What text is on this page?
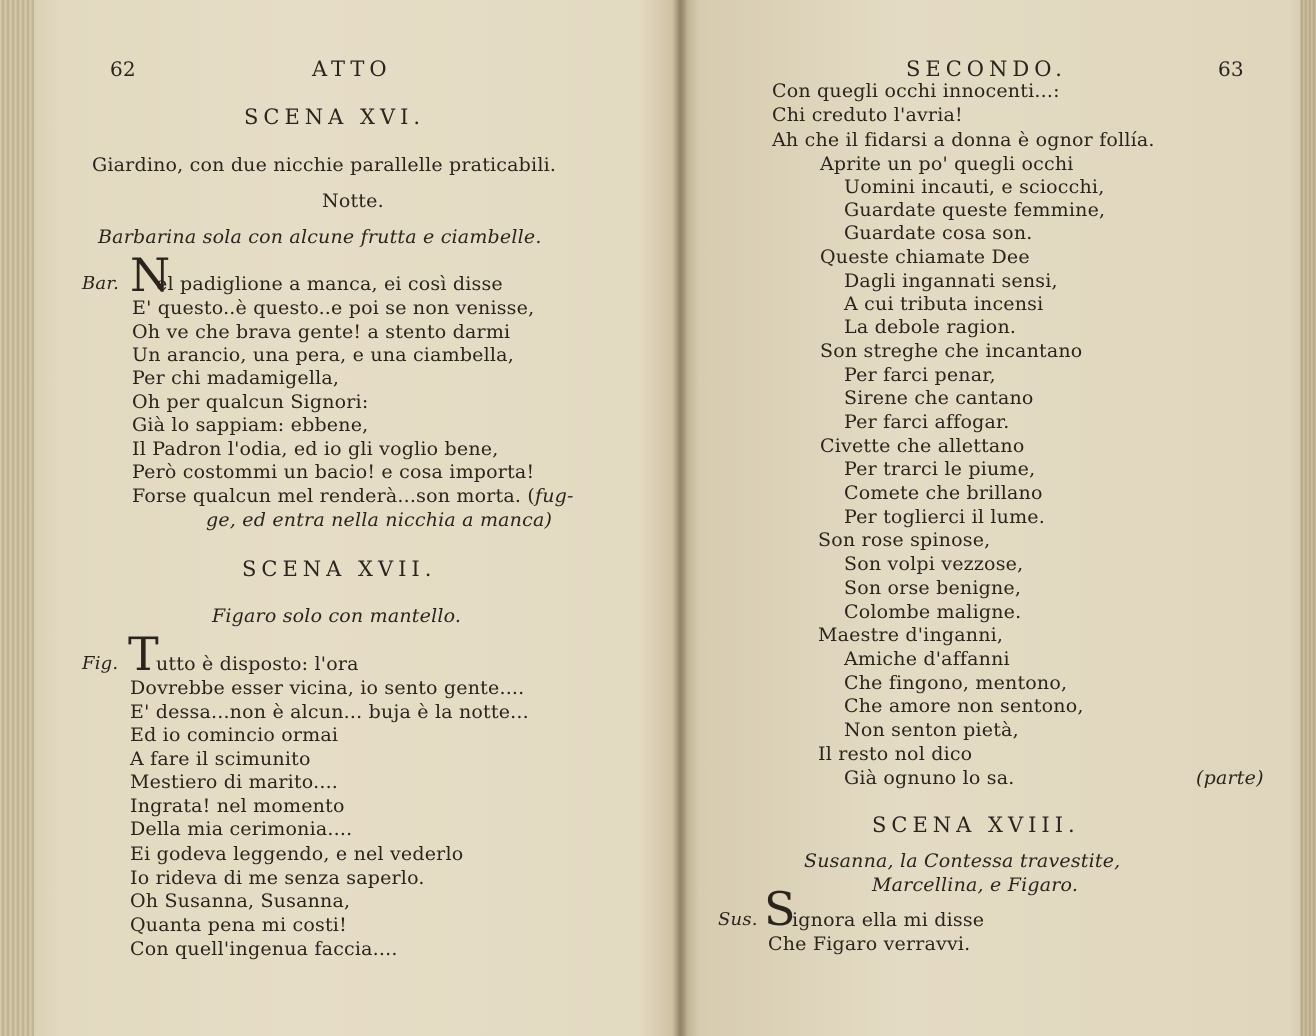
62	ATTO
SCENA XVI.
Giardino, con due nicchie parallelle praticabili.
Notte.
Barbarina sola con alcune frutta e ciambelle.
Bar. N
el padiglione a manca, ei così disse
E' questo..è questo..e poi se non venisse,
Oh ve che brava gente! a stento darmi
Un arancio, una pera, e una ciambella,
Per chi madamigella,
Oh per qualcun Signori:
Già lo sappiam: ebbene,
Il Padron l'odia, ed io gli voglio bene,
Però costommi un bacio! e cosa importa!
Forse qualcun mel renderà...son morta. (fug-
ge, ed entra nella nicchia a manca)
SCENA XVII.
Figaro solo con mantello.
Fig. T
utto è disposto: l'ora
Dovrebbe esser vicina, io sento gente....
E' dessa...non è alcun... buja è la notte...
Ed io comincio ormai
A fare il scimunito
Mestiero di marito....
Ingrata! nel momento
Della mia cerimonia....
Ei godeva leggendo, e nel vederlo
Io rideva di me senza saperlo.
Oh Susanna, Susanna,
Quanta pena mi costi!
Con quell'ingenua faccia....
SECONDO.	63
Con quegli occhi innocenti...:
Chi creduto l'avria!
Ah che il fidarsi a donna è ognor follía.
Aprite un po' quegli occhi
Uomini incauti, e sciocchi,
Guardate queste femmine,
Guardate cosa son.
Queste chiamate Dee
Dagli ingannati sensi,
A cui tributa incensi
La debole ragion.
Son streghe che incantano
Per farci penar,
Sirene che cantano
Per farci affogar.
Civette che allettano
Per trarci le piume,
Comete che brillano
Per toglierci il lume.
Son rose spinose,
Son volpi vezzose,
Son orse benigne,
Colombe maligne.
Maestre d'inganni,
Amiche d'affanni
Che fingono, mentono,
Che amore non sentono,
Non senton pietà,
Il resto nol dico
Già ognuno lo sa.	(parte)
SCENA XVIII.
Susanna, la Contessa travestite,
Marcellina, e Figaro.
Sus. S
ignora ella mi disse
Che Figaro verravvi.
